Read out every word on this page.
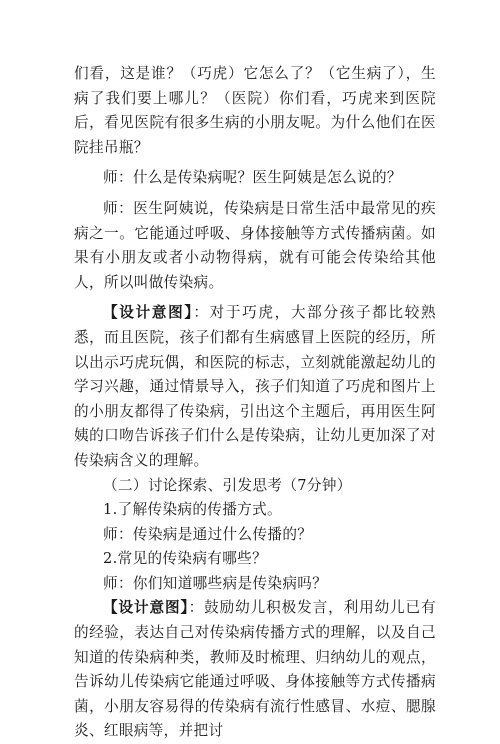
们看，这是谁？（巧虎）它怎么了？（它生病了），生病了我们要上哪儿？（医院）你们看，巧虎来到医院后，看见医院有很多生病的小朋友呢。为什么他们在医院挂吊瓶？

师：什么是传染病呢？医生阿姨是怎么说的？

师：医生阿姨说，传染病是日常生活中最常见的疾病之一。它能通过呼吸、身体接触等方式传播病菌。如果有小朋友或者小动物得病，就有可能会传染给其他人，所以叫做传染病。

【设计意图】：对于巧虎，大部分孩子都比较熟悉，而且医院，孩子们都有生病感冒上医院的经历，所以出示巧虎玩偶，和医院的标志，立刻就能激起幼儿的学习兴趣，通过情景导入，孩子们知道了巧虎和图片上的小朋友都得了传染病，引出这个主题后，再用医生阿姨的口吻告诉孩子们什么是传染病，让幼儿更加深了对传染病含义的理解。

（二）讨论探索、引发思考（7分钟）

1.了解传染病的传播方式。

师：传染病是通过什么传播的？

2.常见的传染病有哪些？

师：你们知道哪些病是传染病吗？

【设计意图】：鼓励幼儿积极发言，利用幼儿已有的经验，表达自己对传染病传播方式的理解，以及自己知道的传染病种类，教师及时梳理、归纳幼儿的观点，告诉幼儿传染病它能通过呼吸、身体接触等方式传播病菌，小朋友容易得的传染病有流行性感冒、水痘、腮腺炎、红眼病等，并把讨
